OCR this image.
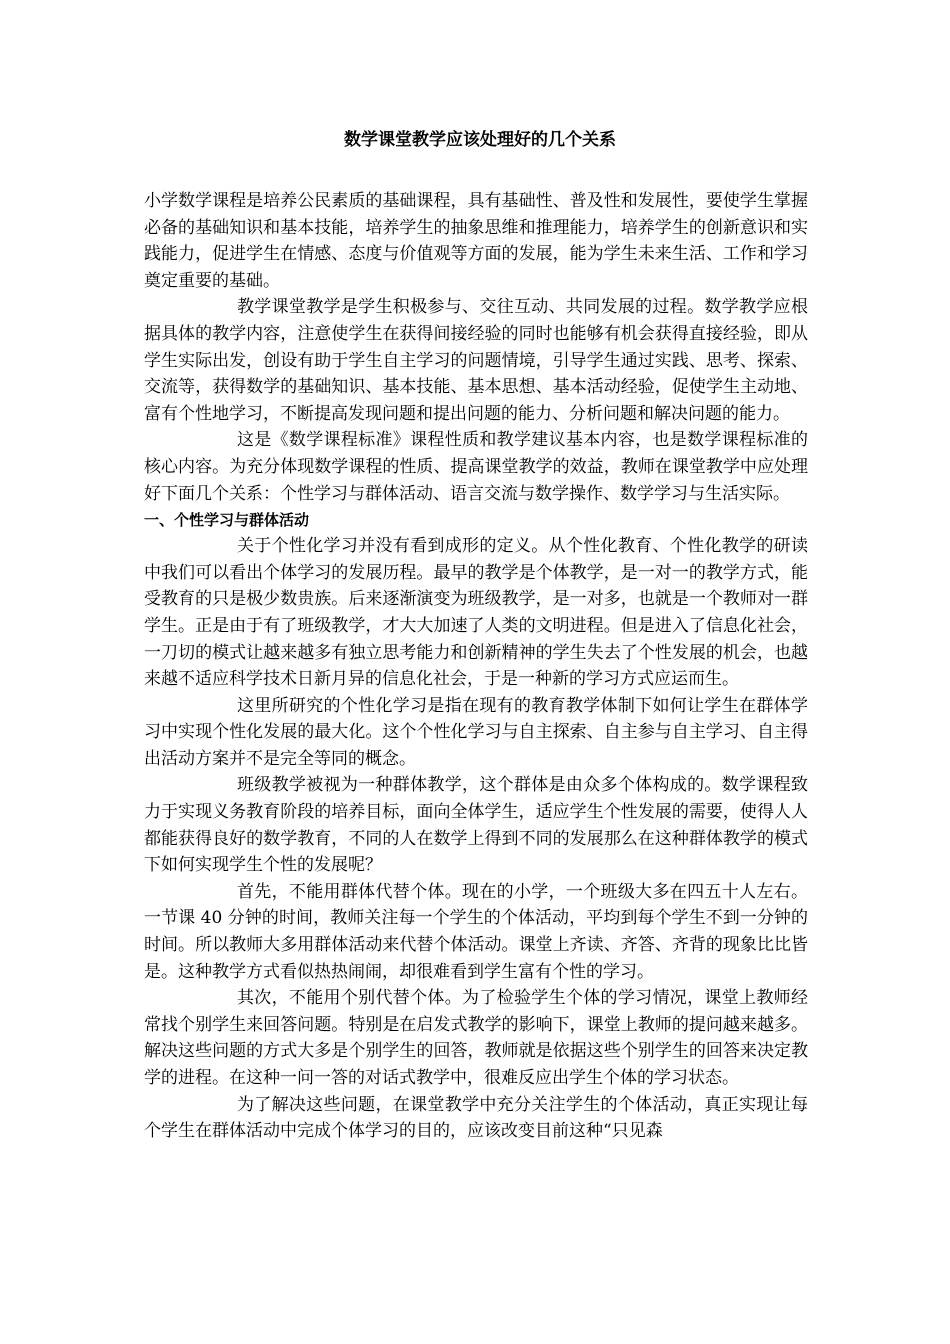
数学课堂教学应该处理好的几个关系

小学数学课程是培养公民素质的基础课程，具有基础性、普及性和发展性，要使学生掌握必备的基础知识和基本技能，培养学生的抽象思维和推理能力，培养学生的创新意识和实践能力，促进学生在情感、态度与价值观等方面的发展，能为学生未来生活、工作和学习奠定重要的基础。

教学课堂教学是学生积极参与、交往互动、共同发展的过程。数学教学应根据具体的教学内容，注意使学生在获得间接经验的同时也能够有机会获得直接经验，即从学生实际出发，创设有助于学生自主学习的问题情境，引导学生通过实践、思考、探索、交流等，获得数学的基础知识、基本技能、基本思想、基本活动经验，促使学生主动地、富有个性地学习，不断提高发现问题和提出问题的能力、分析问题和解决问题的能力。

这是《数学课程标准》课程性质和教学建议基本内容，也是数学课程标准的核心内容。为充分体现数学课程的性质、提高课堂教学的效益，教师在课堂教学中应处理好下面几个关系：个性学习与群体活动、语言交流与数学操作、数学学习与生活实际。

一、个性学习与群体活动

关于个性化学习并没有看到成形的定义。从个性化教育、个性化教学的研读中我们可以看出个体学习的发展历程。最早的教学是个体教学，是一对一的教学方式，能受教育的只是极少数贵族。后来逐渐演变为班级教学，是一对多，也就是一个教师对一群学生。正是由于有了班级教学，才大大加速了人类的文明进程。但是进入了信息化社会，一刀切的模式让越来越多有独立思考能力和创新精神的学生失去了个性发展的机会，也越来越不适应科学技术日新月异的信息化社会，于是一种新的学习方式应运而生。

这里所研究的个性化学习是指在现有的教育教学体制下如何让学生在群体学习中实现个性化发展的最大化。这个个性化学习与自主探索、自主参与自主学习、自主得出活动方案并不是完全等同的概念。

班级教学被视为一种群体教学，这个群体是由众多个体构成的。数学课程致力于实现义务教育阶段的培养目标，面向全体学生，适应学生个性发展的需要，使得人人都能获得良好的数学教育，不同的人在数学上得到不同的发展那么在这种群体教学的模式下如何实现学生个性的发展呢？

首先，不能用群体代替个体。现在的小学，一个班级大多在四五十人左右。一节课 40 分钟的时间，教师关注每一个学生的个体活动，平均到每个学生不到一分钟的时间。所以教师大多用群体活动来代替个体活动。课堂上齐读、齐答、齐背的现象比比皆是。这种教学方式看似热热闹闹，却很难看到学生富有个性的学习。

其次，不能用个别代替个体。为了检验学生个体的学习情况，课堂上教师经常找个别学生来回答问题。特别是在启发式教学的影响下，课堂上教师的提问越来越多。解决这些问题的方式大多是个别学生的回答，教师就是依据这些个别学生的回答来决定教学的进程。在这种一问一答的对话式教学中，很难反应出学生个体的学习状态。

为了解决这些问题，在课堂教学中充分关注学生的个体活动，真正实现让每个学生在群体活动中完成个体学习的目的，应该改变目前这种“只见森
